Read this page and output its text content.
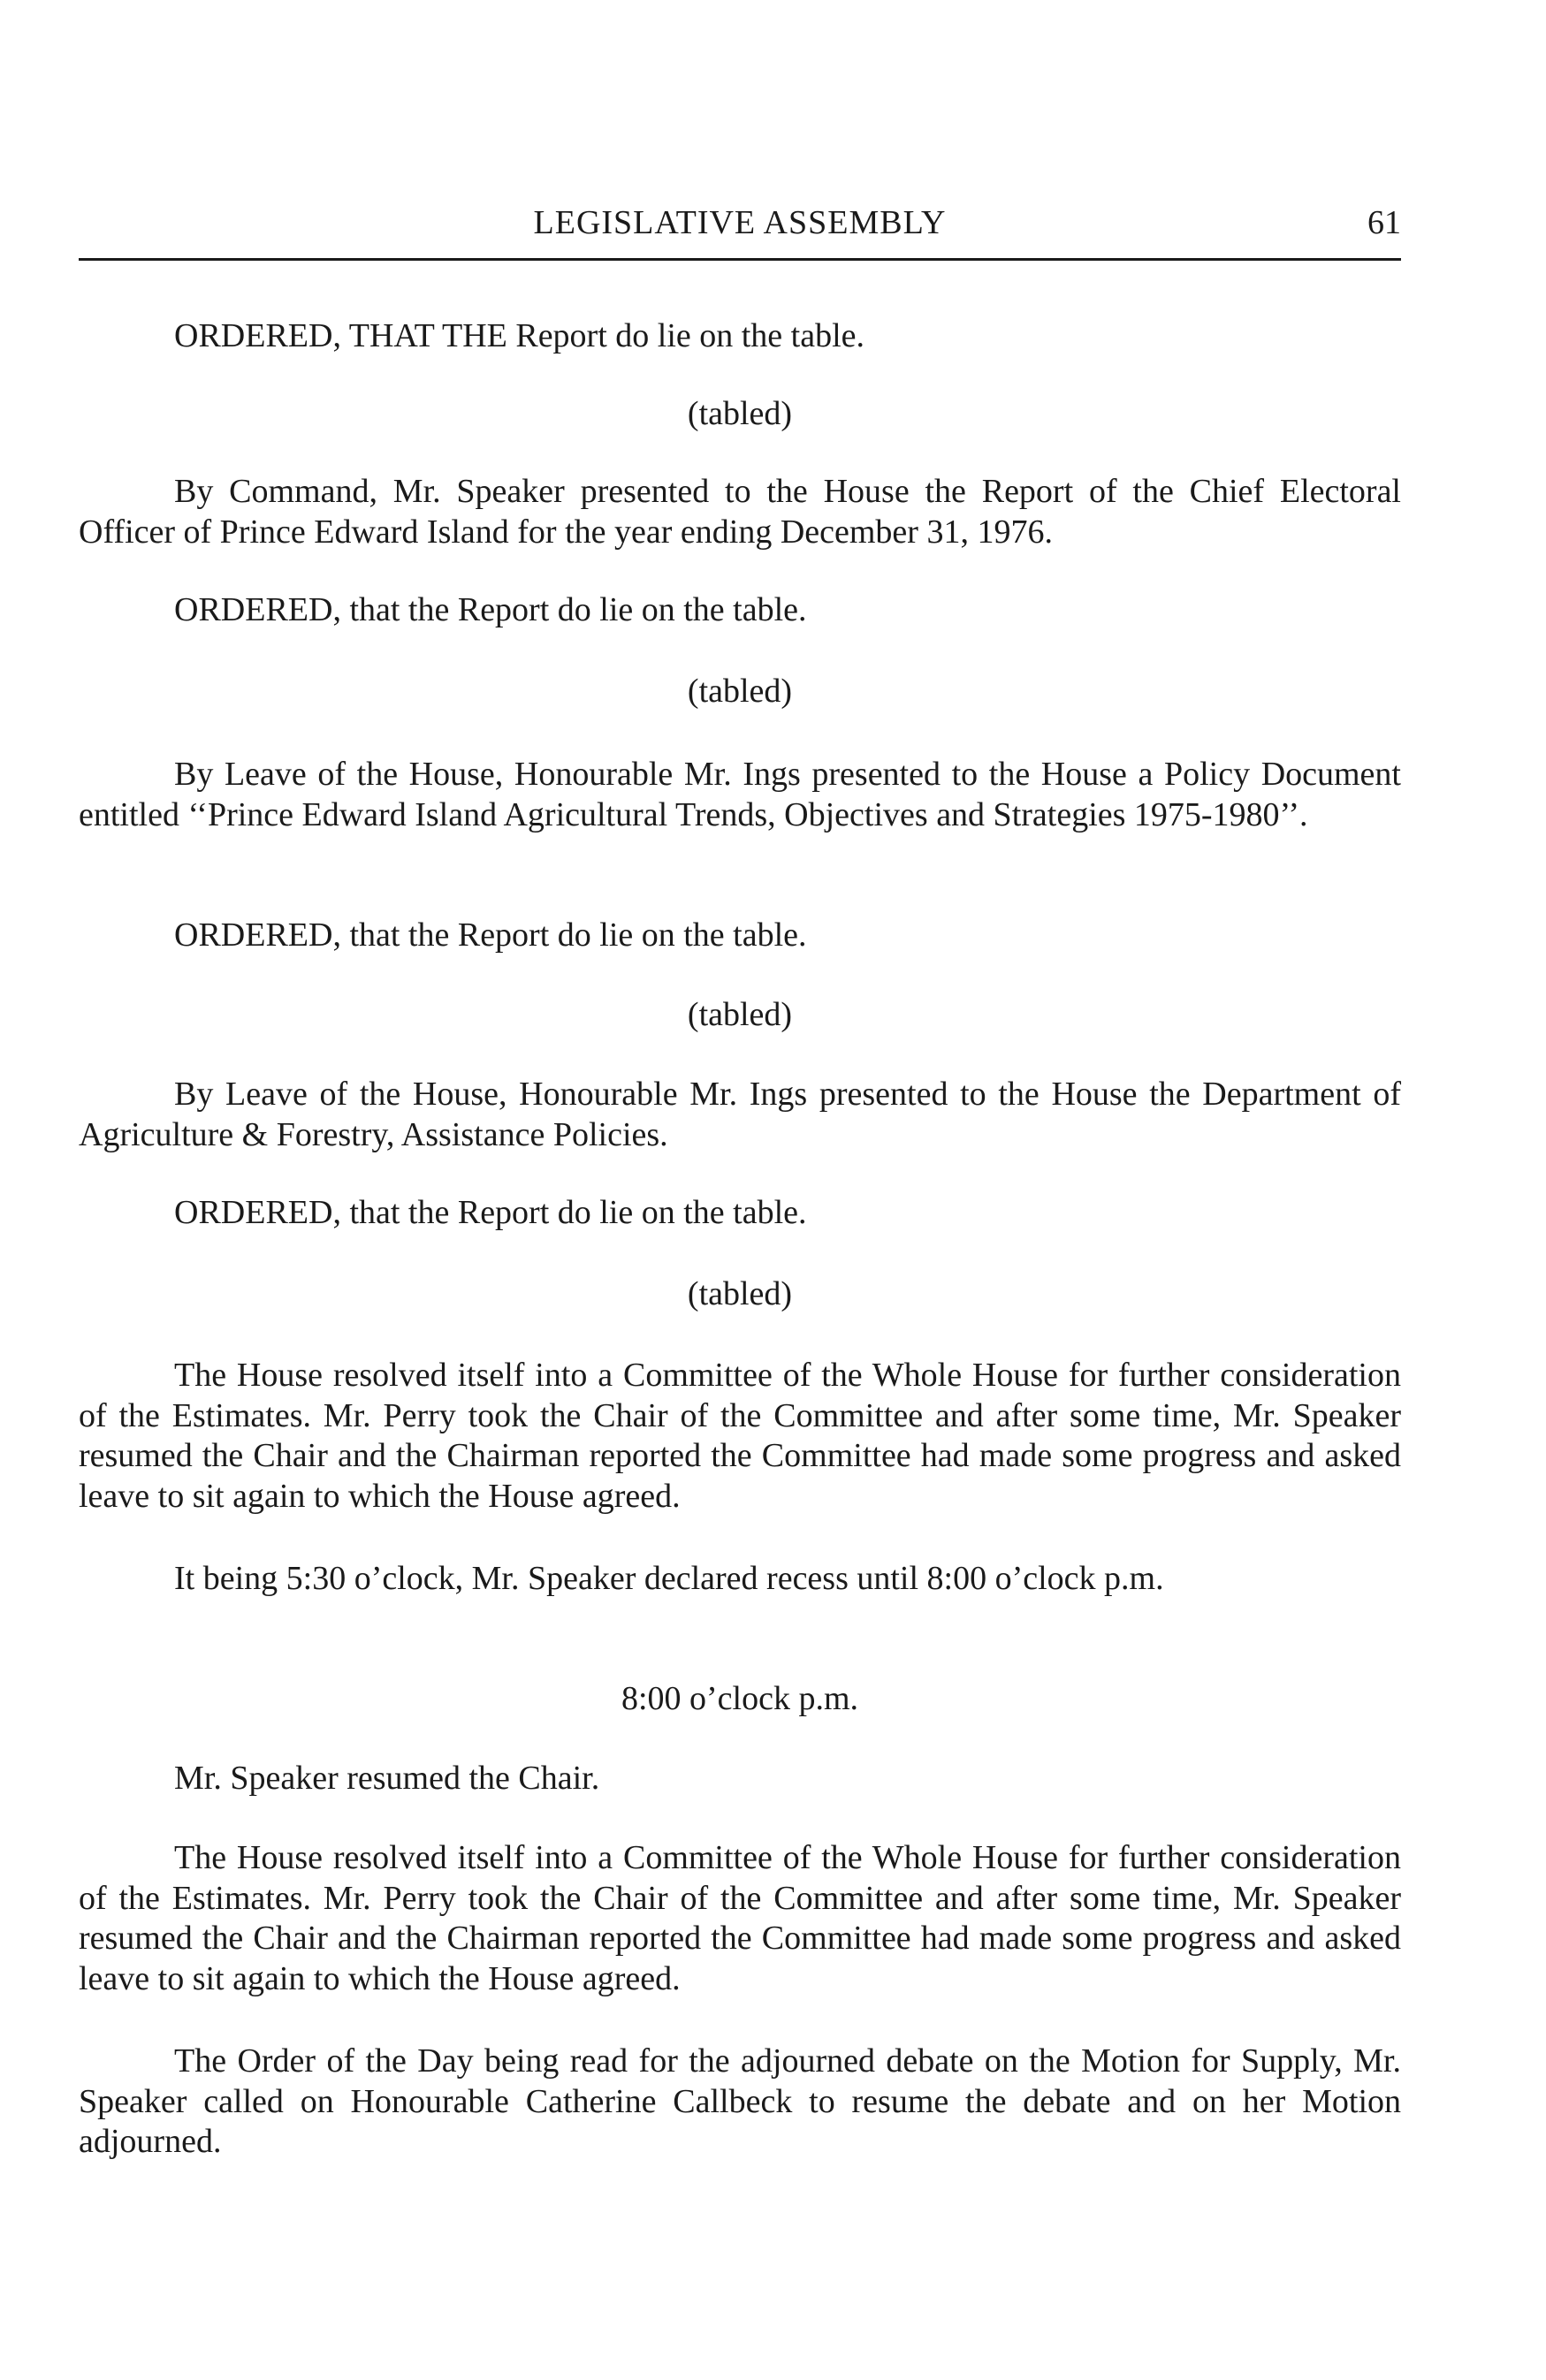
LEGISLATIVE ASSEMBLY	61
ORDERED, THAT THE Report do lie on the table.
(tabled)
By Command, Mr. Speaker presented to the House the Report of the Chief Electoral Officer of Prince Edward Island for the year ending December 31, 1976.
ORDERED, that the Report do lie on the table.
(tabled)
By Leave of the House, Honourable Mr. Ings presented to the House a Policy Document entitled ‘‘Prince Edward Island Agricultural Trends, Objectives and Strategies 1975-1980’’.
ORDERED, that the Report do lie on the table.
(tabled)
By Leave of the House, Honourable Mr. Ings presented to the House the Department of Agriculture & Forestry, Assistance Policies.
ORDERED, that the Report do lie on the table.
(tabled)
The House resolved itself into a Committee of the Whole House for further consideration of the Estimates. Mr. Perry took the Chair of the Committee and after some time, Mr. Speaker resumed the Chair and the Chairman reported the Committee had made some progress and asked leave to sit again to which the House agreed.
It being 5:30 o’clock, Mr. Speaker declared recess until 8:00 o’clock p.m.
8:00 o’clock p.m.
Mr. Speaker resumed the Chair.
The House resolved itself into a Committee of the Whole House for further consideration of the Estimates. Mr. Perry took the Chair of the Committee and after some time, Mr. Speaker resumed the Chair and the Chairman reported the Committee had made some progress and asked leave to sit again to which the House agreed.
The Order of the Day being read for the adjourned debate on the Motion for Supply, Mr. Speaker called on Honourable Catherine Callbeck to resume the debate and on her Motion adjourned.
